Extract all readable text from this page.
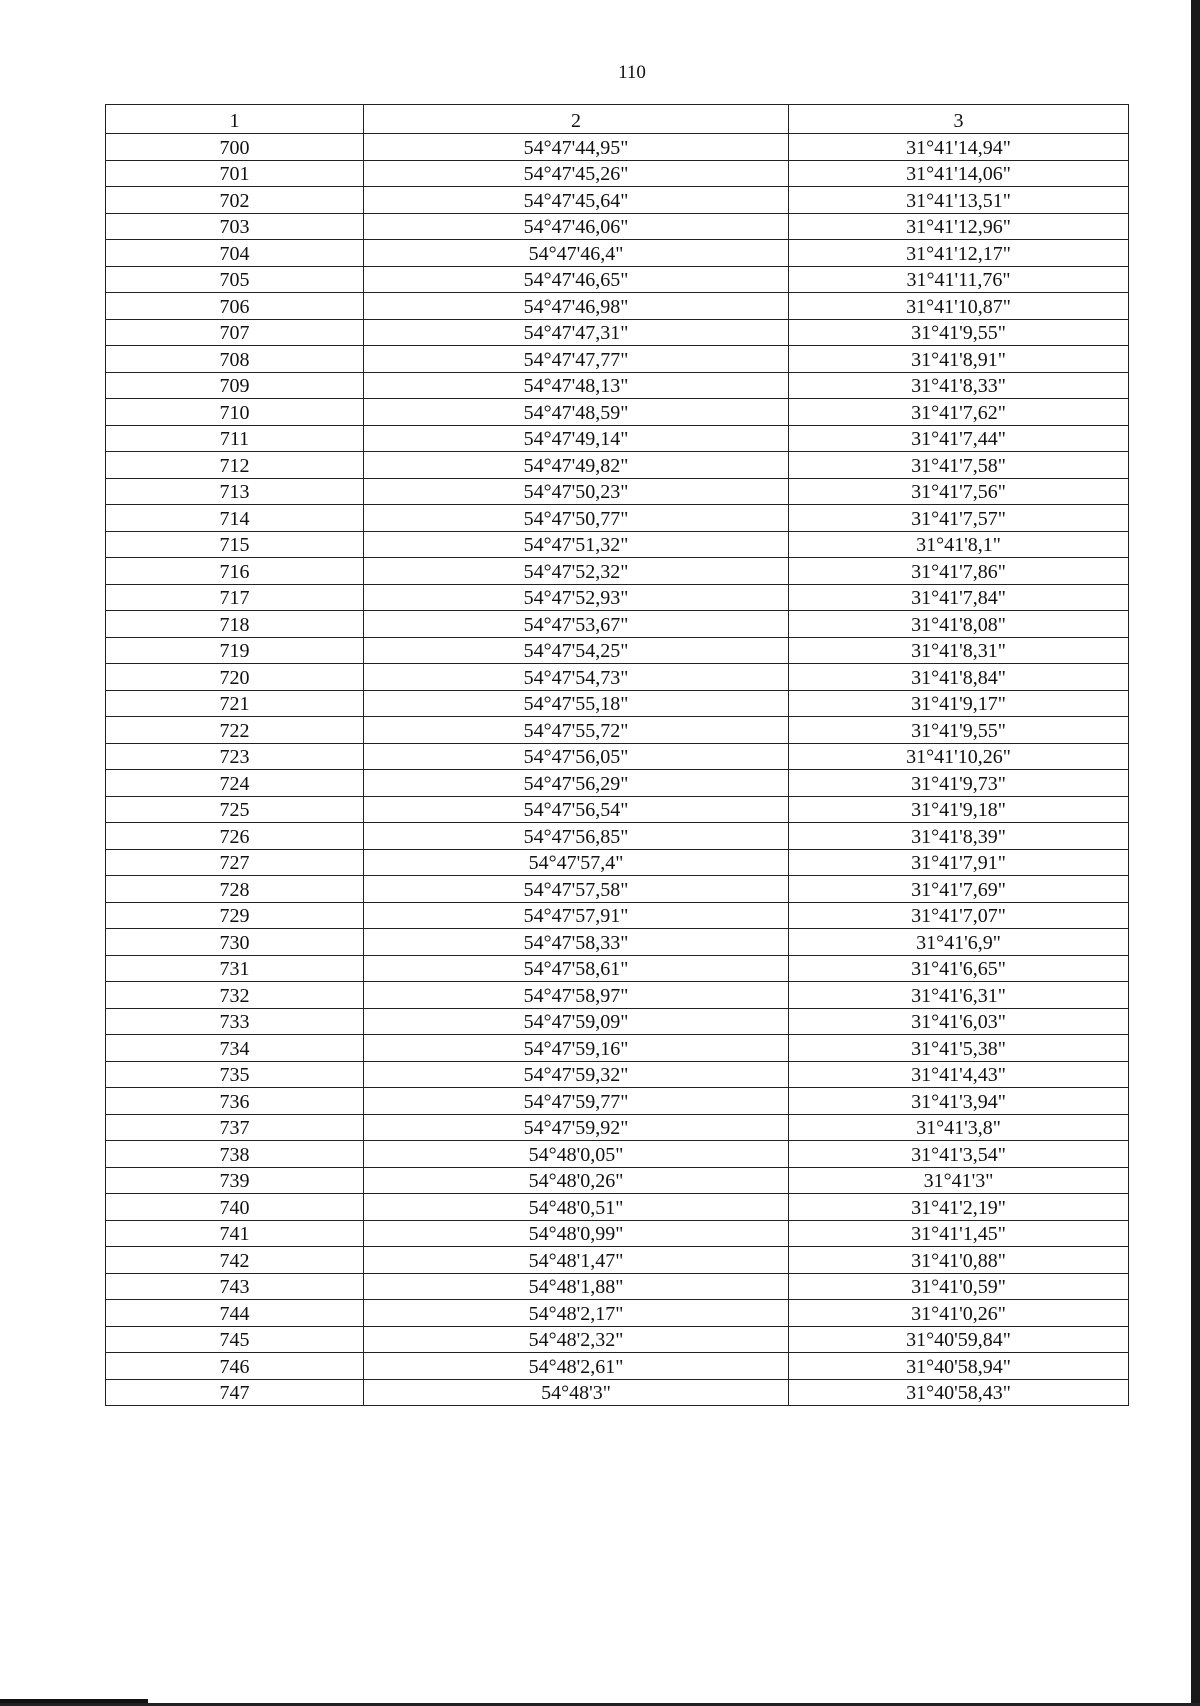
110
1	2	3
700	54°47'44,95"	31°41'14,94"
701	54°47'45,26"	31°41'14,06"
702	54°47'45,64"	31°41'13,51"
703	54°47'46,06"	31°41'12,96"
704	54°47'46,4"	31°41'12,17"
705	54°47'46,65"	31°41'11,76"
706	54°47'46,98"	31°41'10,87"
707	54°47'47,31"	31°41'9,55"
708	54°47'47,77"	31°41'8,91"
709	54°47'48,13"	31°41'8,33"
710	54°47'48,59"	31°41'7,62"
711	54°47'49,14"	31°41'7,44"
712	54°47'49,82"	31°41'7,58"
713	54°47'50,23"	31°41'7,56"
714	54°47'50,77"	31°41'7,57"
715	54°47'51,32"	31°41'8,1"
716	54°47'52,32"	31°41'7,86"
717	54°47'52,93"	31°41'7,84"
718	54°47'53,67"	31°41'8,08"
719	54°47'54,25"	31°41'8,31"
720	54°47'54,73"	31°41'8,84"
721	54°47'55,18"	31°41'9,17"
722	54°47'55,72"	31°41'9,55"
723	54°47'56,05"	31°41'10,26"
724	54°47'56,29"	31°41'9,73"
725	54°47'56,54"	31°41'9,18"
726	54°47'56,85"	31°41'8,39"
727	54°47'57,4"	31°41'7,91"
728	54°47'57,58"	31°41'7,69"
729	54°47'57,91"	31°41'7,07"
730	54°47'58,33"	31°41'6,9"
731	54°47'58,61"	31°41'6,65"
732	54°47'58,97"	31°41'6,31"
733	54°47'59,09"	31°41'6,03"
734	54°47'59,16"	31°41'5,38"
735	54°47'59,32"	31°41'4,43"
736	54°47'59,77"	31°41'3,94"
737	54°47'59,92"	31°41'3,8"
738	54°48'0,05"	31°41'3,54"
739	54°48'0,26"	31°41'3"
740	54°48'0,51"	31°41'2,19"
741	54°48'0,99"	31°41'1,45"
742	54°48'1,47"	31°41'0,88"
743	54°48'1,88"	31°41'0,59"
744	54°48'2,17"	31°41'0,26"
745	54°48'2,32"	31°40'59,84"
746	54°48'2,61"	31°40'58,94"
747	54°48'3"	31°40'58,43"
